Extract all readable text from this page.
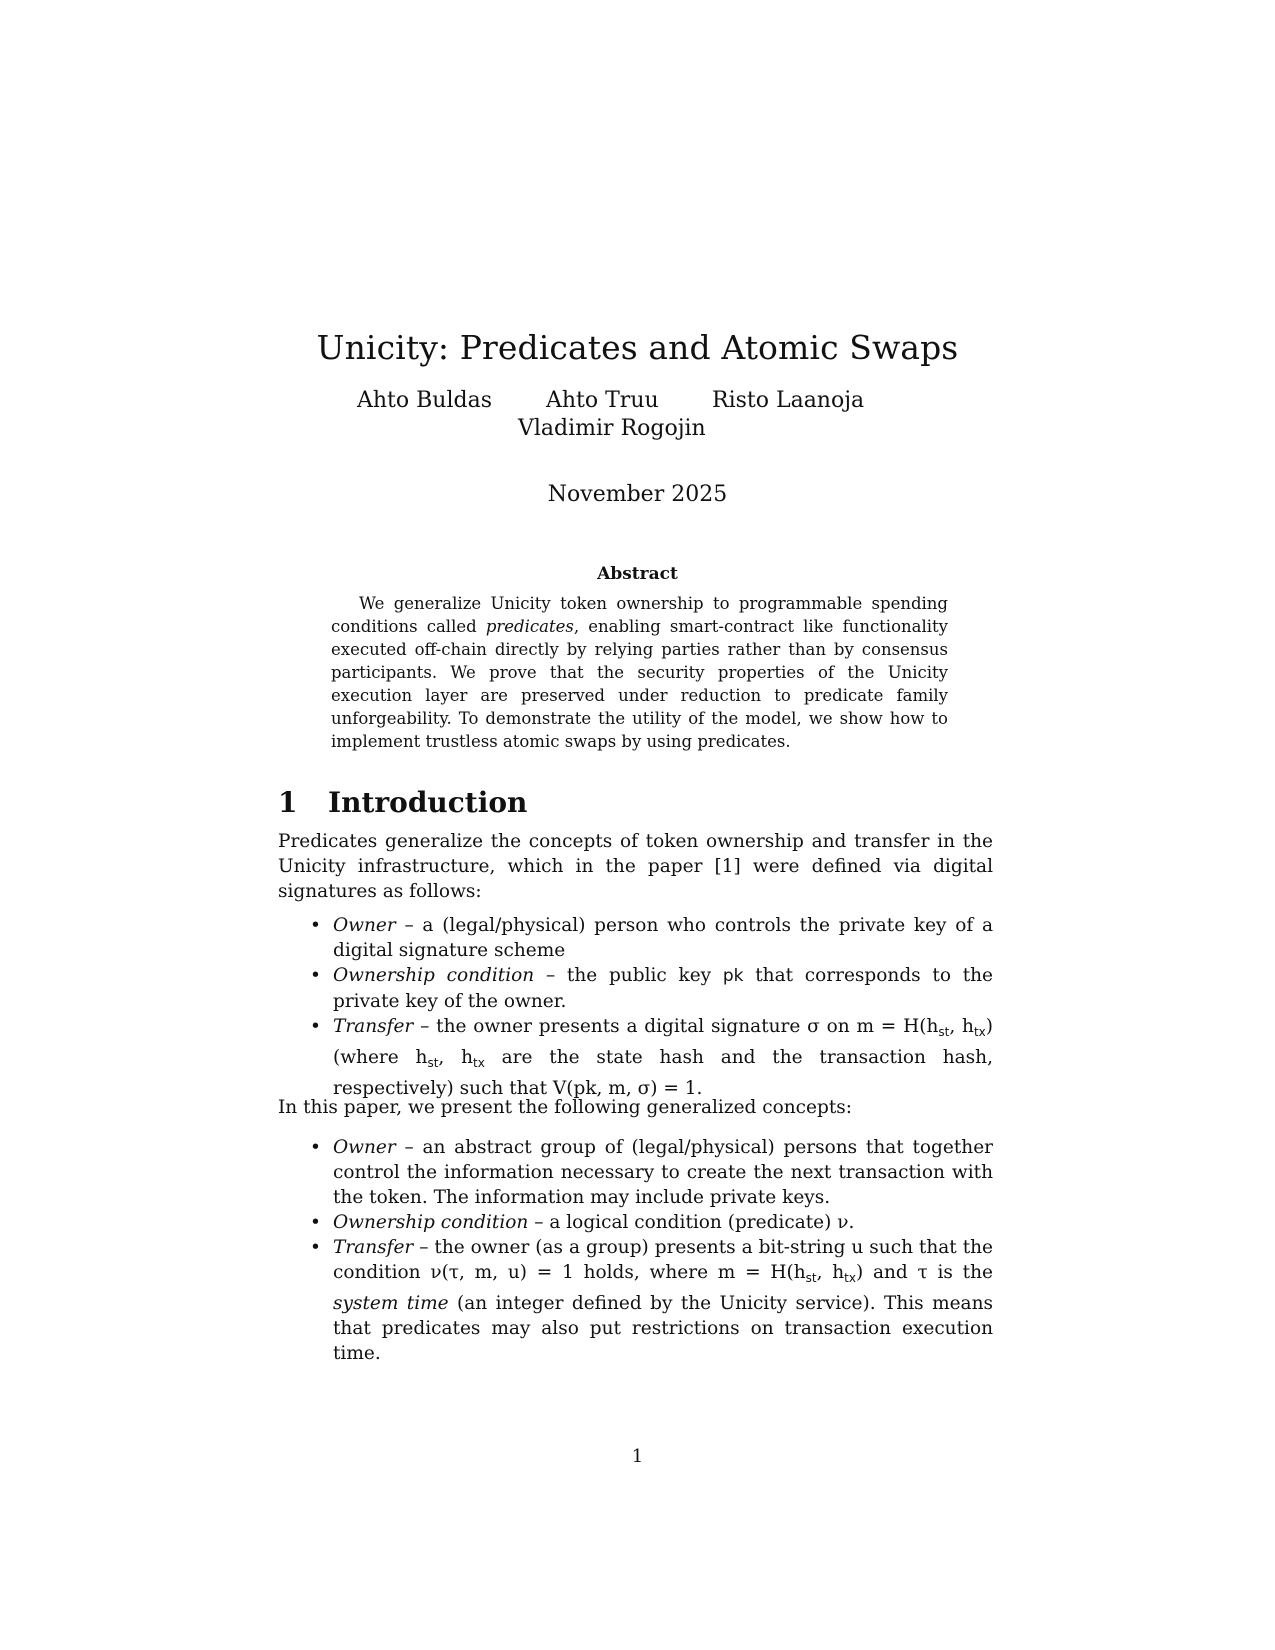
Unicity: Predicates and Atomic Swaps
Ahto Buldas Ahto Truu Risto Laanoja
Vladimir Rogojin
November 2025
Abstract
We generalize Unicity token ownership to programmable spending conditions called predicates, enabling smart-contract like functionality executed off-chain directly by relying parties rather than by consensus participants. We prove that the security properties of the Unicity execution layer are preserved under reduction to predicate family unforgeability. To demonstrate the utility of the model, we show how to implement trustless atomic swaps by using predicates.
1 Introduction
Predicates generalize the concepts of token ownership and transfer in the Unicity infrastructure, which in the paper [1] were defined via digital signatures as follows:
• Owner – a (legal/physical) person who controls the private key of a digital signature scheme
• Ownership condition – the public key pk that corresponds to the private key of the owner.
• Transfer – the owner presents a digital signature σ on $m = H(h_{st}$, $h_{tx}$) (where $h_{st}$, $h_{tx}$ are the state hash and the transaction hash, respectively) such that V(pk, m, σ) = 1.
In this paper, we present the following generalized concepts:
• Owner – an abstract group of (legal/physical) persons that together control the information necessary to create the next transaction with the token. The information may include private keys.
• Ownership condition – a logical condition (predicate) ν.
• Transfer – the owner (as a group) presents a bit-string u such that the condition ν(τ, m, u) = 1 holds, where $m = H(h_{st}$, $h_{tx}$) and τ is the system time (an integer defined by the Unicity service). This means that predicates may also put restrictions on transaction execution time.
1
